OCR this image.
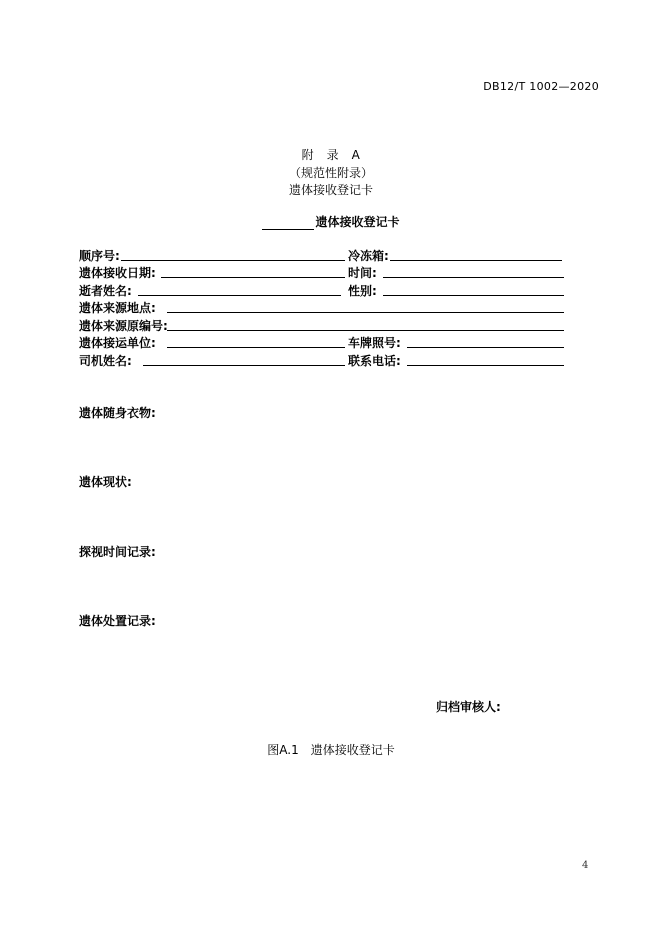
DB12/T 1002—2020
附　录　A
（规范性附录）
遗体接收登记卡
遗体接收登记卡
顺序号:	冷冻箱:
遗体接收日期:	时间:
逝者姓名:	性别:
遗体来源地点:
遗体来源原编号:
遗体接运单位:	车牌照号:
司机姓名:	联系电话:
遗体随身衣物:
遗体现状:
探视时间记录:
遗体处置记录:
归档审核人:
图A.1　遗体接收登记卡
4
